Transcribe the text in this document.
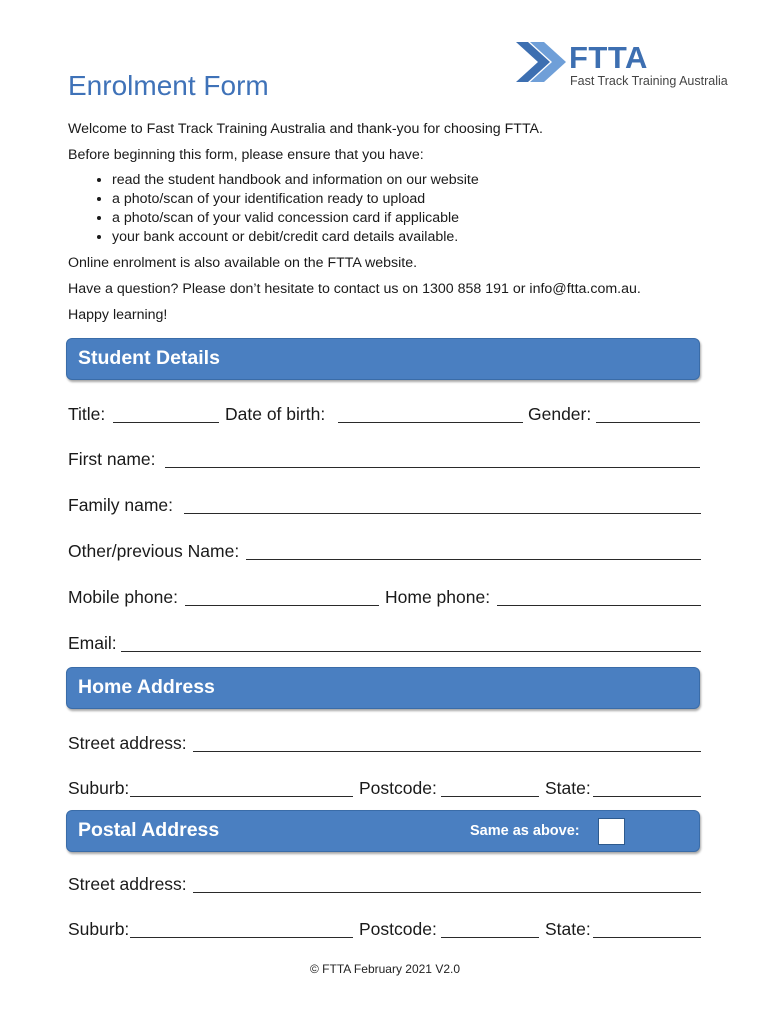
FTTA
Fast Track Training Australia
Enrolment Form

Welcome to Fast Track Training Australia and thank-you for choosing FTTA.

Before beginning this form, please ensure that you have:

• read the student handbook and information on our website
• a photo/scan of your identification ready to upload
• a photo/scan of your valid concession card if applicable
• your bank account or debit/credit card details available.

Online enrolment is also available on the FTTA website.

Have a question? Please don’t hesitate to contact us on 1300 858 191 or info@ftta.com.au.

Happy learning!

Student Details
Title:	Date of birth:	Gender:
First name:
Family name:
Other/previous Name:
Mobile phone:	Home phone:
Email:
Home Address
Street address:
Suburb:	Postcode:	State:
Postal Address	Same as above:
Street address:
Suburb:	Postcode:	State:
© FTTA February 2021 V2.0
